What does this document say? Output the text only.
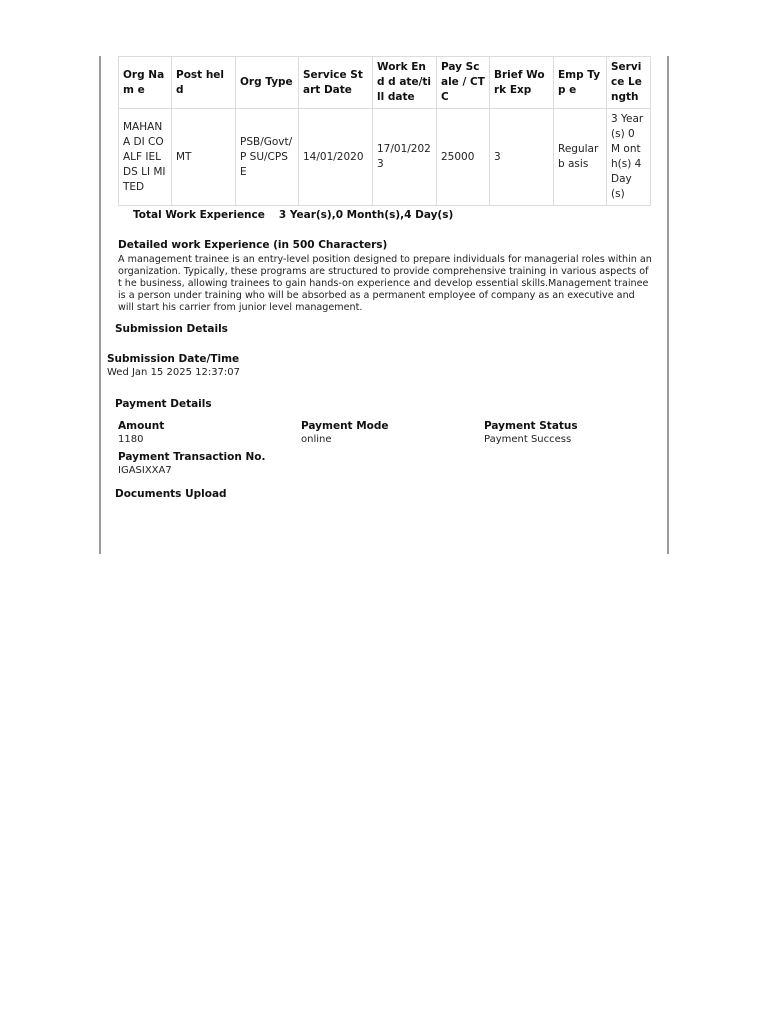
Org Nam e	Post held	Org Type	Service Start Date	Work End d ate/till date	Pay Scale / CTC	Brief Work Exp	Emp Typ e	Service Length
MAHANA DI COALF IELDS LI MITED	MT	PSB/Govt/P SU/CPSE	14/01/2020	17/01/2023	25000	3	Regular b asis	3 Year (s) 0 M onth(s) 4 Day (s)
Total Work Experience 3 Year(s),0 Month(s),4 Day(s)
Detailed work Experience (in 500 Characters)
A management trainee is an entry-level position designed to prepare individuals for managerial roles within an organization. Typically, these programs are structured to provide comprehensive training in various aspects of t he business, allowing trainees to gain hands-on experience and develop essential skills.Management trainee is a person under training who will be absorbed as a permanent employee of company as an executive and will start his carrier from junior level management.
Submission Details
Submission Date/Time
Wed Jan 15 2025 12:37:07
Payment Details
Amount
1180
Payment Mode
online
Payment Status
Payment Success
Payment Transaction No.
IGASIXXA7
Documents Upload
